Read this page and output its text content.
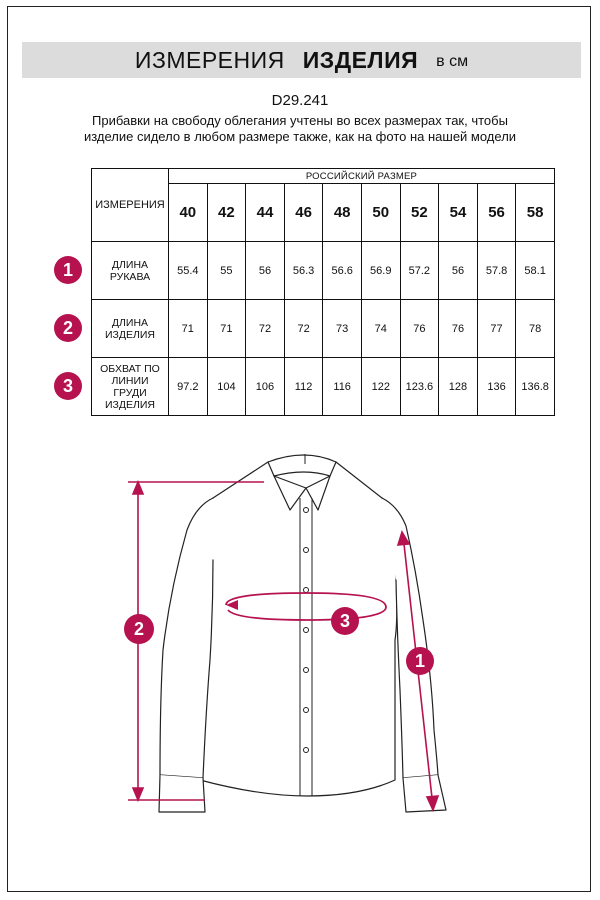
ИЗМЕРЕНИЯ ИЗДЕЛИЯ в см
D29.241
Прибавки на свободу облегания учтены во всех размерах так, чтобы изделие сидело в любом размере также, как на фото на нашей модели
ИЗМЕРЕНИЯ	РОССИЙСКИЙ РАЗМЕР									
	40	42	44	46	48	50	52	54	56	58
ДЛИНА
РУКАВА	55.4	55	56	56.3	56.6	56.9	57.2	56	57.8	58.1
ДЛИНА
ИЗДЕЛИЯ	71	71	72	72	73	74	76	76	77	78
ОБХВАТ ПО
ЛИНИИ
ГРУДИ
ИЗДЕЛИЯ	97.2	104	106	112	116	122	123.6	128	136	136.8
1
2
3
2	3
1
